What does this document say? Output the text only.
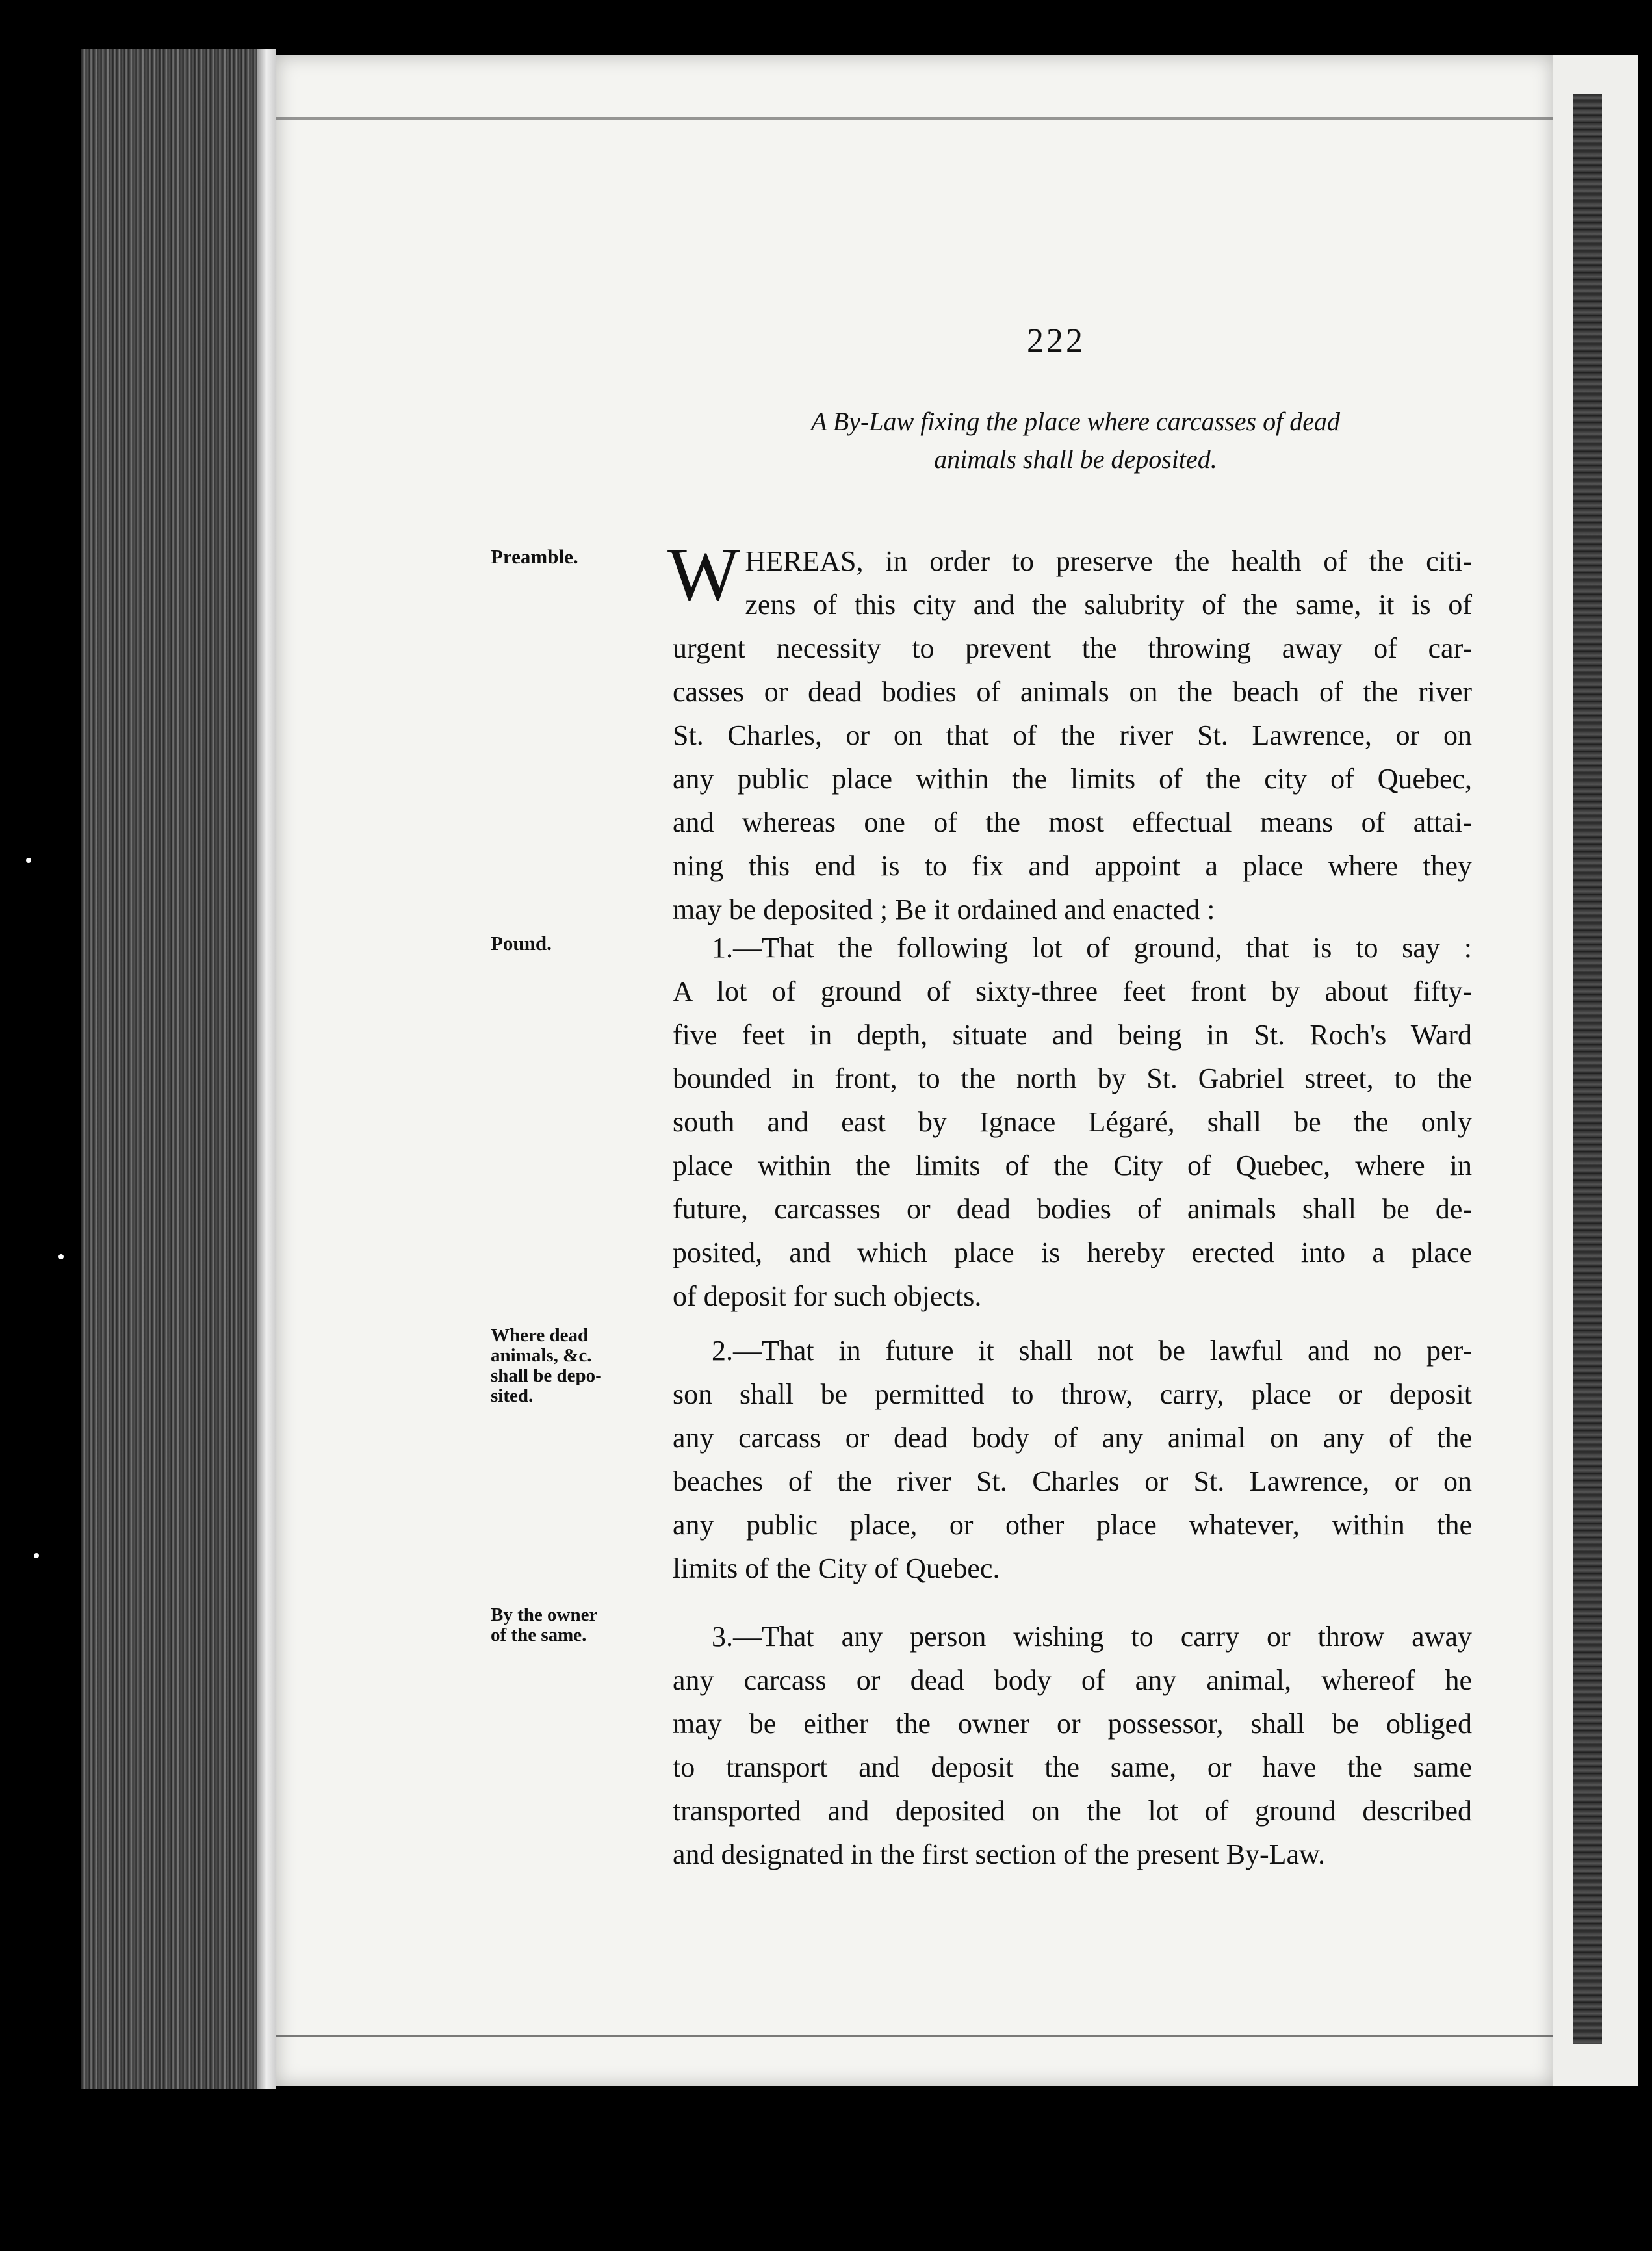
222
A By-Law fixing the place where carcasses of dead
animals shall be deposited.
Preamble.
Pound.
Where dead
animals, &c.
shall be depo-
sited.
By the owner
of the same.
W HEREAS, in order to preserve the health of the citi-
zens of this city and the salubrity of the same, it is of
urgent necessity to prevent the throwing away of car-
casses or dead bodies of animals on the beach of the river
St. Charles, or on that of the river St. Lawrence, or on
any public place within the limits of the city of Quebec,
and whereas one of the most effectual means of attai-
ning this end is to fix and appoint a place where they
may be deposited ; Be it ordained and enacted :
1.—That the following lot of ground, that is to say :
A lot of ground of sixty-three feet front by about fifty-
five feet in depth, situate and being in St. Roch's Ward
bounded in front, to the north by St. Gabriel street, to the
south and east by Ignace Légaré, shall be the only
place within the limits of the City of Quebec, where in
future, carcasses or dead bodies of animals shall be de-
posited, and which place is hereby erected into a place
of deposit for such objects.
2.—That in future it shall not be lawful and no per-
son shall be permitted to throw, carry, place or deposit
any carcass or dead body of any animal on any of the
beaches of the river St. Charles or St. Lawrence, or on
any public place, or other place whatever, within the
limits of the City of Quebec.
3.—That any person wishing to carry or throw away
any carcass or dead body of any animal, whereof he
may be either the owner or possessor, shall be obliged
to transport and deposit the same, or have the same
transported and deposited on the lot of ground described
and designated in the first section of the present By-Law.
